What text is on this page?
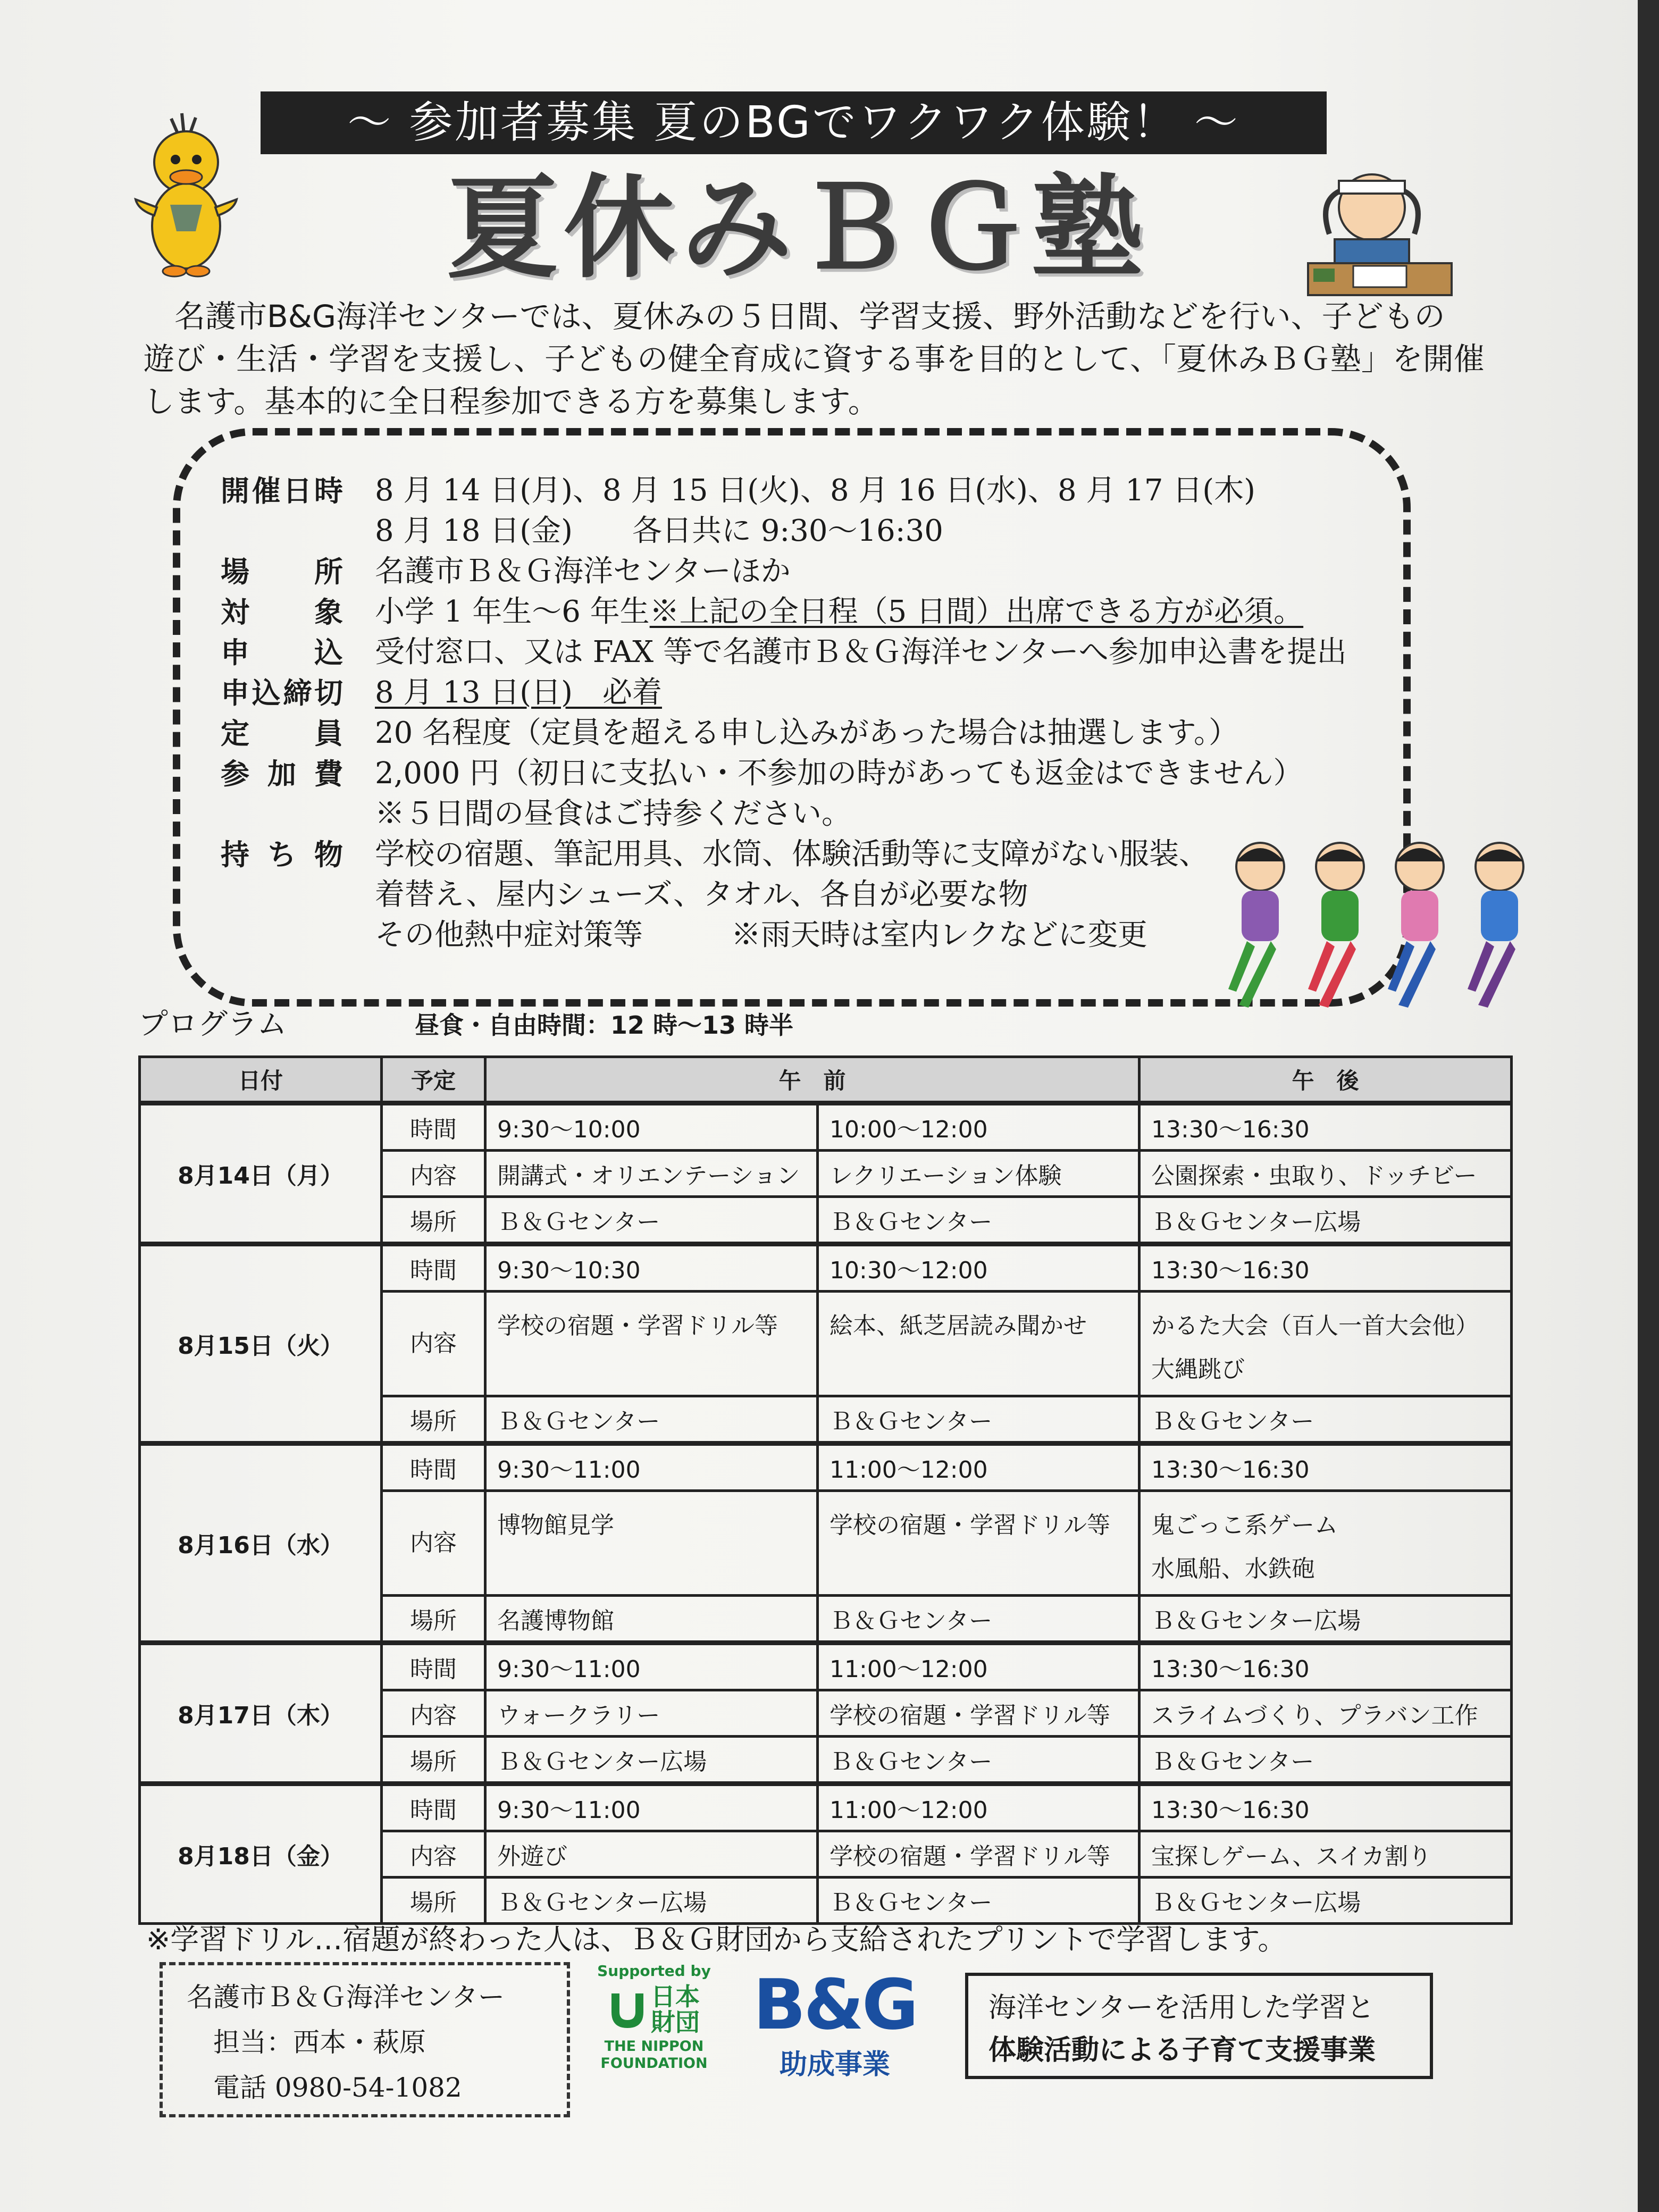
〜 参加者募集 夏のBGでワクワク体験！ 〜
夏休みＢＧ塾

名護市B&G海洋センターでは、夏休みの５日間、学習支援、野外活動などを行い、子どもの

遊び・生活・学習を支援し、子どもの健全育成に資する事を目的として、「夏休みＢＧ塾」を開催

します。基本的に全日程参加できる方を募集します。

開催日時 8 月 14 日(月)、8 月 15 日(火)、8 月 16 日(水)、8 月 17 日(木)
8 月 18 日(金)　　各日共に 9:30〜16:30
場所 名護市Ｂ＆Ｇ海洋センターほか
対象 小学 1 年生〜6 年生※上記の全日程（5 日間）出席できる方が必須。
申込 受付窓口、又は FAX 等で名護市Ｂ＆Ｇ海洋センターへ参加申込書を提出
申込締切 8 月 13 日(日)　必着
定員 20 名程度（定員を超える申し込みがあった場合は抽選します。）
参加費 2,000 円（初日に支払い・不参加の時があっても返金はできません）
※５日間の昼食はご持参ください。
持ち物 学校の宿題、筆記用具、水筒、体験活動等に支障がない服装、
着替え、屋内シューズ、タオル、各自が必要な物
その他熱中症対策等	※雨天時は室内レクなどに変更
プログラム	昼食・自由時間：12 時〜13 時半
日付	予定	午　前		午　後
8月14日（月）	時間	9:30〜10:00	10:00〜12:00	13:30〜16:30
	内容	開講式・オリエンテーション	レクリエーション体験	公園探索・虫取り、ドッチビー
	場所	Ｂ＆Ｇセンター	Ｂ＆Ｇセンター	Ｂ＆Ｇセンター広場
8月15日（火）	時間	9:30〜10:30	10:30〜12:00	13:30〜16:30
	内容	学校の宿題・学習ドリル等	絵本、紙芝居読み聞かせ	かるた大会（百人一首大会他）
大縄跳び

	場所	Ｂ＆Ｇセンター	Ｂ＆Ｇセンター	Ｂ＆Ｇセンター
8月16日（水）	時間	9:30〜11:00	11:00〜12:00	13:30〜16:30
	内容	博物館見学	学校の宿題・学習ドリル等	鬼ごっこ系ゲーム
水風船、水鉄砲

	場所	名護博物館	Ｂ＆Ｇセンター	Ｂ＆Ｇセンター広場
8月17日（木）	時間	9:30〜11:00	11:00〜12:00	13:30〜16:30
	内容	ウォークラリー	学校の宿題・学習ドリル等	スライムづくり、プラバン工作
	場所	Ｂ＆Ｇセンター広場	Ｂ＆Ｇセンター	Ｂ＆Ｇセンター
8月18日（金）	時間	9:30〜11:00	11:00〜12:00	13:30〜16:30
	内容	外遊び	学校の宿題・学習ドリル等	宝探しゲーム、スイカ割り
	場所	Ｂ＆Ｇセンター広場	Ｂ＆Ｇセンター	Ｂ＆Ｇセンター広場
※学習ドリル…宿題が終わった人は、Ｂ＆Ｇ財団から支給されたプリントで学習します。
名護市Ｂ＆Ｇ海洋センター
担当：西本・萩原
電話 0980-54-1082
Supported by
日本財団
THE NIPPON
FOUNDATION
B&G
助成事業
海洋センターを活用した学習と
体験活動による子育て支援事業
